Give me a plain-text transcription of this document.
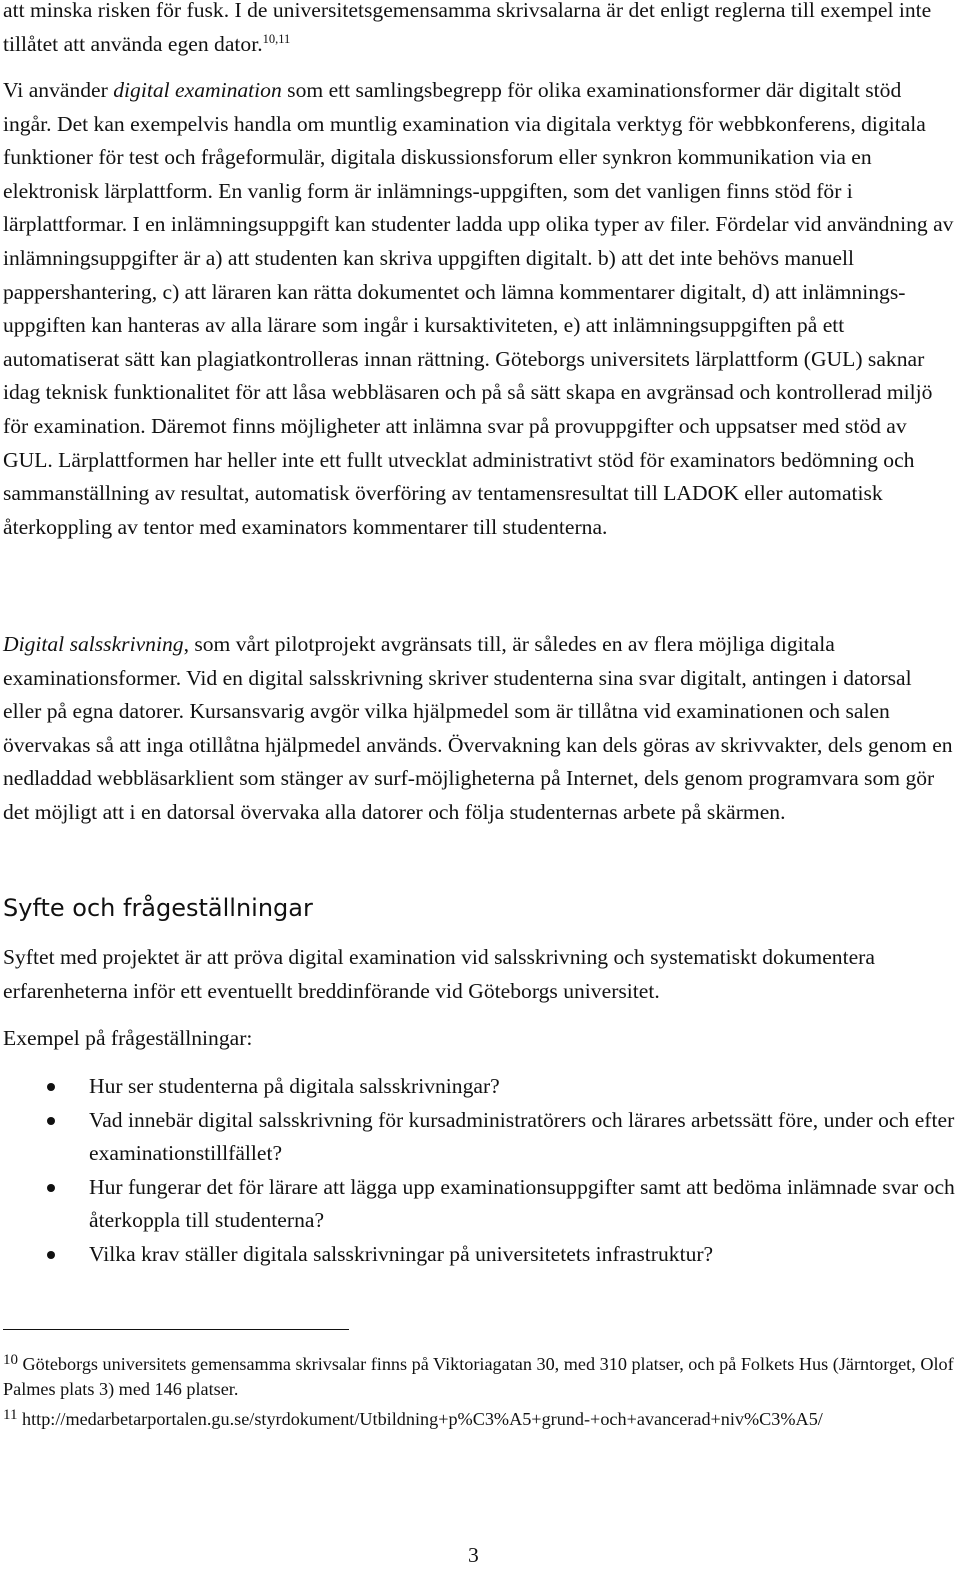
att minska risken för fusk. I de universitetsgemensamma skrivsalarna är det enligt reglerna till exempel inte tillåtet att använda egen dator.$^{10,11}$

Vi använder digital examination som ett samlingsbegrepp för olika examinationsformer där digitalt stöd ingår. Det kan exempelvis handla om muntlig examination via digitala verktyg för webbkonferens, digitala funktioner för test och frågeformulär, digitala diskussionsforum eller synkron kommunikation via en elektronisk lärplattform. En vanlig form är inlämnings-uppgiften, som det vanligen finns stöd för i lärplattformar. I en inlämningsuppgift kan studenter ladda upp olika typer av filer. Fördelar vid användning av inlämningsuppgifter är a) att studenten kan skriva uppgiften digitalt. b) att det inte behövs manuell pappershantering, c) att läraren kan rätta dokumentet och lämna kommentarer digitalt, d) att inlämnings-uppgiften kan hanteras av alla lärare som ingår i kursaktiviteten, e) att inlämningsuppgiften på ett automatiserat sätt kan plagiatkontrolleras innan rättning. Göteborgs universitets lärplattform (GUL) saknar idag teknisk funktionalitet för att låsa webbläsaren och på så sätt skapa en avgränsad och kontrollerad miljö för examination. Däremot finns möjligheter att inlämna svar på provuppgifter och uppsatser med stöd av GUL. Lärplattformen har heller inte ett fullt utvecklat administrativt stöd för examinators bedömning och sammanställning av resultat, automatisk överföring av tentamensresultat till LADOK eller automatisk återkoppling av tentor med examinators kommentarer till studenterna.

Digital salsskrivning, som vårt pilotprojekt avgränsats till, är således en av flera möjliga digitala examinationsformer. Vid en digital salsskrivning skriver studenterna sina svar digitalt, antingen i datorsal eller på egna datorer. Kursansvarig avgör vilka hjälpmedel som är tillåtna vid examinationen och salen övervakas så att inga otillåtna hjälpmedel används. Övervakning kan dels göras av skrivvakter, dels genom en nedladdad webbläsarklient som stänger av surf-möjligheterna på Internet, dels genom programvara som gör det möjligt att i en datorsal övervaka alla datorer och följa studenternas arbete på skärmen.

Syfte och frågeställningar

Syftet med projektet är att pröva digital examination vid salsskrivning och systematiskt dokumentera erfarenheterna inför ett eventuellt breddinförande vid Göteborgs universitet.

Exempel på frågeställningar:

Hur ser studenterna på digitala salsskrivningar?
Vad innebär digital salsskrivning för kursadministratörers och lärares arbetssätt före, under och efter examinationstillfället?
Hur fungerar det för lärare att lägga upp examinationsuppgifter samt att bedöma inlämnade svar och återkoppla till studenterna?
Vilka krav ställer digitala salsskrivningar på universitetets infrastruktur?

$^{10}$ Göteborgs universitets gemensamma skrivsalar finns på Viktoriagatan 30, med 310 platser, och på Folkets Hus (Järntorget, Olof Palmes plats 3) med 146 platser.

$^{11}$ http://medarbetarportalen.gu.se/styrdokument/Utbildning+p%C3%A5+grund-+och+avancerad+niv%C3%A5/

3
